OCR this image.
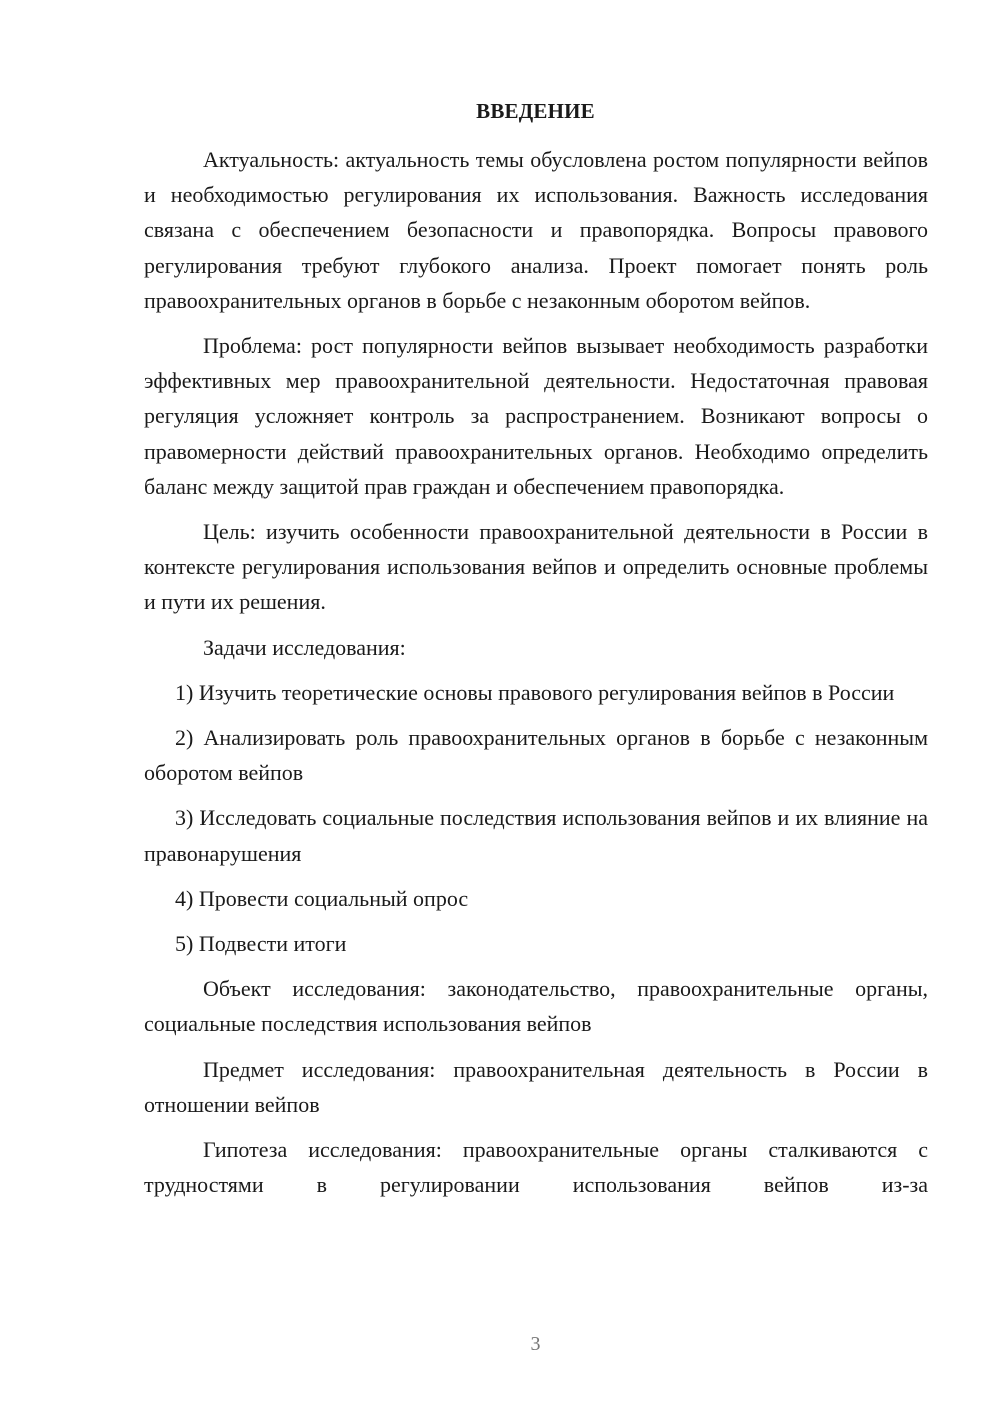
ВВЕДЕНИЕ

Актуальность: актуальность темы обусловлена ростом популярности вейпов и необходимостью регулирования их использования. Важность исследования связана с обеспечением безопасности и правопорядка. Вопросы правового регулирования требуют глубокого анализа. Проект помогает понять роль правоохранительных органов в борьбе с незаконным оборотом вейпов.

Проблема: рост популярности вейпов вызывает необходимость разработки эффективных мер правоохранительной деятельности. Недостаточная правовая регуляция усложняет контроль за распространением. Возникают вопросы о правомерности действий правоохранительных органов. Необходимо определить баланс между защитой прав граждан и обеспечением правопорядка.

Цель: изучить особенности правоохранительной деятельности в России в контексте регулирования использования вейпов и определить основные проблемы и пути их решения.

Задачи исследования:

1) Изучить теоретические основы правового регулирования вейпов в России

2) Анализировать роль правоохранительных органов в борьбе с незаконным оборотом вейпов

3) Исследовать социальные последствия использования вейпов и их влияние на правонарушения

4) Провести социальный опрос

5) Подвести итоги

Объект исследования: законодательство, правоохранительные органы, социальные последствия использования вейпов

Предмет исследования: правоохранительная деятельность в России в отношении вейпов

Гипотеза исследования: правоохранительные органы сталкиваются с трудностями в регулировании использования вейпов из-за

3
